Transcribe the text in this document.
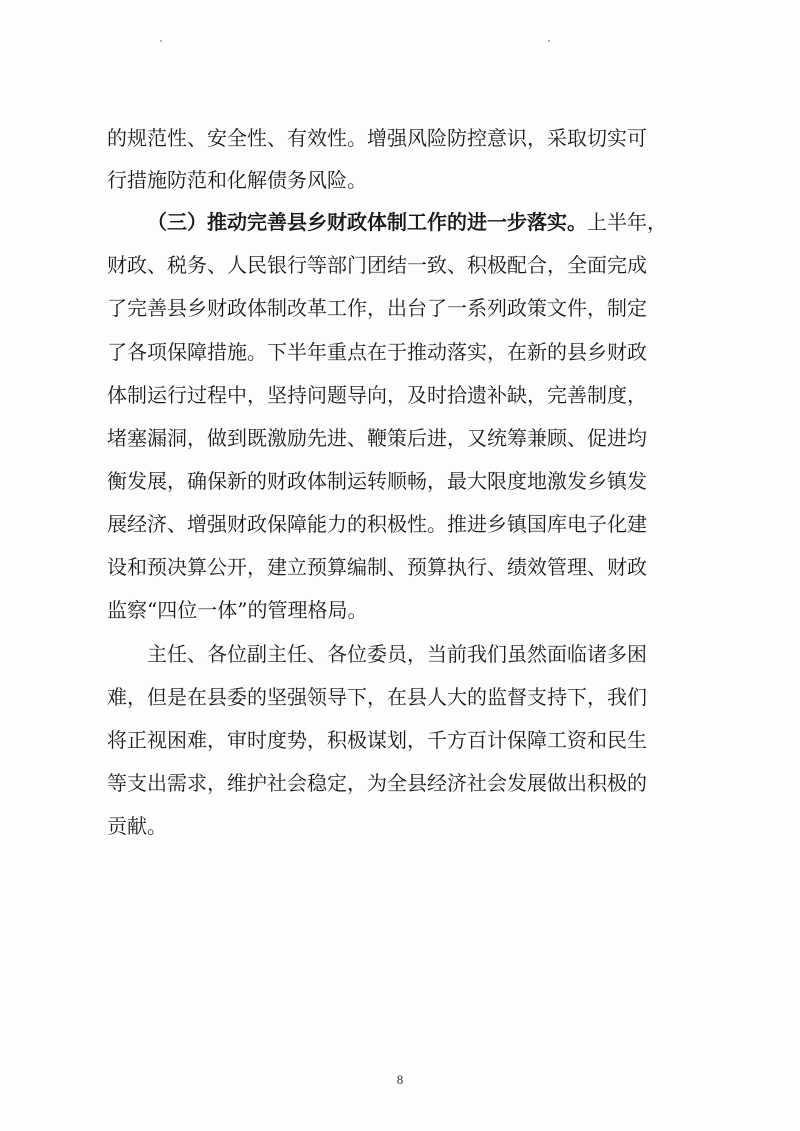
的规范性、安全性、有效性。增强风险防控意识，采取切实可
行措施防范和化解债务风险。
（三）推动完善县乡财政体制工作的进一步落实。上半年，
财政、税务、人民银行等部门团结一致、积极配合，全面完成
了完善县乡财政体制改革工作，出台了一系列政策文件，制定
了各项保障措施。下半年重点在于推动落实，在新的县乡财政
体制运行过程中，坚持问题导向，及时拾遗补缺，完善制度，
堵塞漏洞，做到既激励先进、鞭策后进，又统筹兼顾、促进均
衡发展，确保新的财政体制运转顺畅，最大限度地激发乡镇发
展经济、增强财政保障能力的积极性。推进乡镇国库电子化建
设和预决算公开，建立预算编制、预算执行、绩效管理、财政
监察“四位一体”的管理格局。
主任、各位副主任、各位委员，当前我们虽然面临诸多困
难，但是在县委的坚强领导下，在县人大的监督支持下，我们
将正视困难，审时度势，积极谋划，千方百计保障工资和民生
等支出需求，维护社会稳定，为全县经济社会发展做出积极的
贡献。
8
